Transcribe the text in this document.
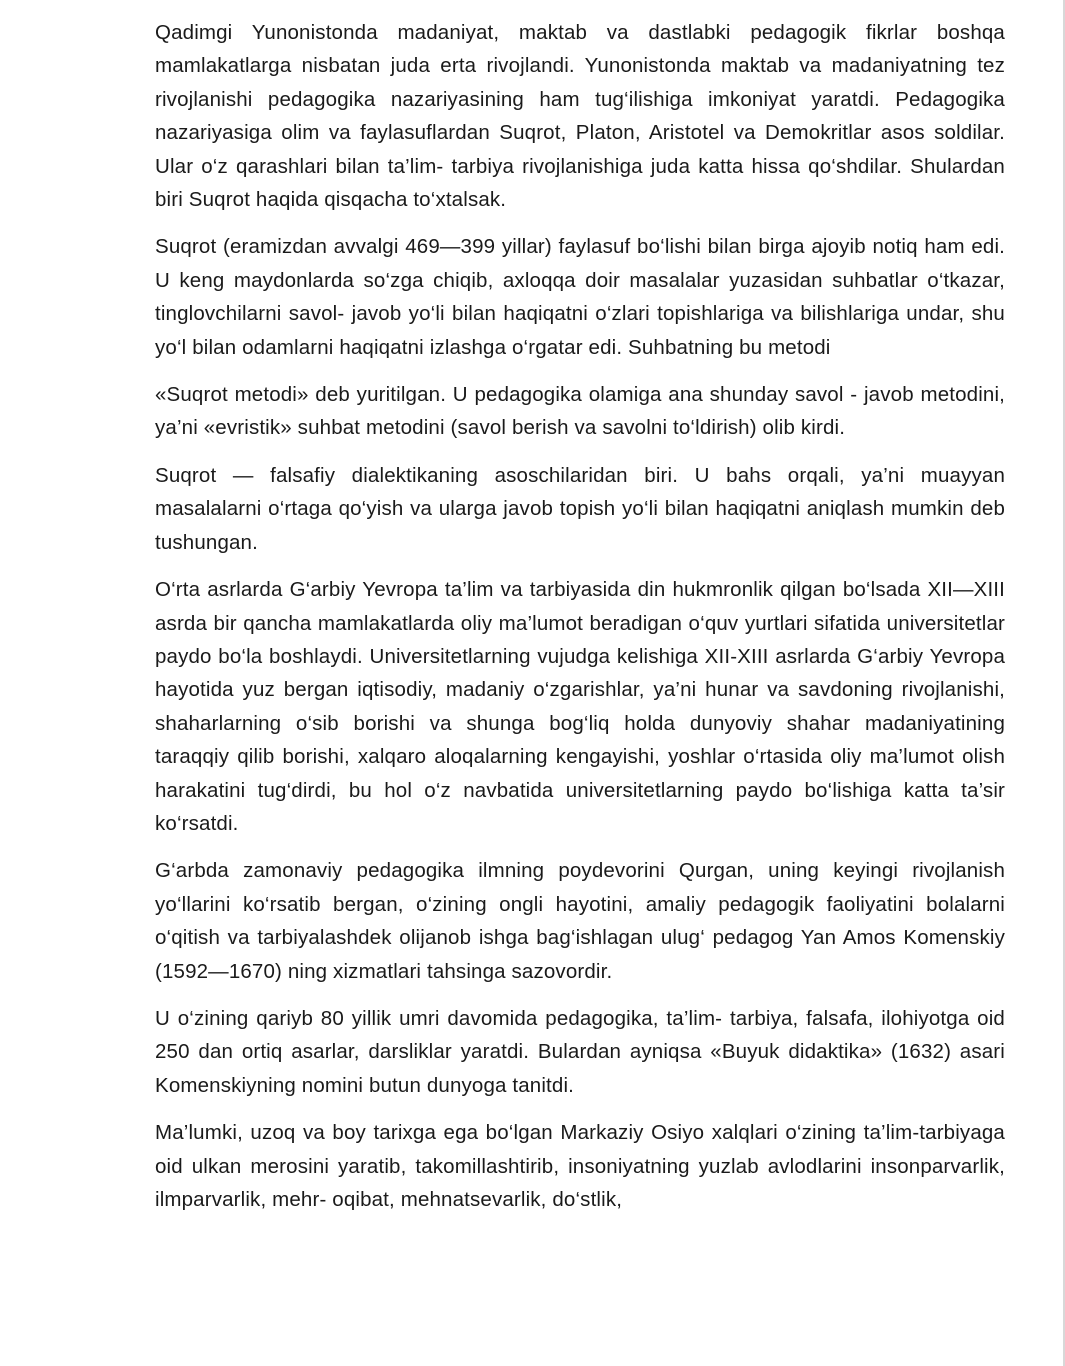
Qadimgi Yunonistonda madaniyat, maktab va dastlabki pedagogik fikrlar boshqa mamlakatlarga nisbatan juda erta rivojlandi. Yunonistonda maktab va madaniyatning tez rivojlanishi pedagogika nazariyasining ham tug‘ilishiga imkoniyat yaratdi. Pedagogika nazariyasiga olim va faylasuflardan Suqrot, Platon, Aristotel va Demokritlar asos soldilar. Ular o‘z qarashlari bilan ta’lim- tarbiya rivojlanishiga juda katta hissa qo‘shdilar. Shulardan biri Suqrot haqida qisqacha to‘xtalsak.

Suqrot (eramizdan avvalgi 469—399 yillar) faylasuf bo‘lishi bilan birga ajoyib notiq ham edi. U keng maydonlarda so‘zga chiqib, axloqqa doir masalalar yuzasidan suhbatlar o‘tkazar, tinglovchilarni savol- javob yo‘li bilan haqiqatni o‘zlari topishlariga va bilishlariga undar, shu yo‘l bilan odamlarni haqiqatni izlashga o‘rgatar edi. Suhbatning bu metodi

«Suqrot metodi» deb yuritilgan. U pedagogika olamiga ana shunday savol - javob metodini, ya’ni «evristik» suhbat metodini (savol berish va savolni to‘ldirish) olib kirdi.

Suqrot — falsafiy dialektikaning asoschilaridan biri. U bahs orqali, ya’ni muayyan masalalarni o‘rtaga qo‘yish va ularga javob topish yo‘li bilan haqiqatni aniqlash mumkin deb tushungan.

O‘rta asrlarda G‘arbiy Yevropa ta’lim va tarbiyasida din hukmronlik qilgan bo‘lsada XII—XIII asrda bir qancha mamlakatlarda oliy ma’lumot beradigan o‘quv yurtlari sifatida universitetlar paydo bo‘la boshlaydi. Universitetlarning vujudga kelishiga XII-XIII asrlarda G‘arbiy Yevropa hayotida yuz bergan iqtisodiy, madaniy o‘zgarishlar, ya’ni hunar va savdoning rivojlanishi, shaharlarning o‘sib borishi va shunga bog‘liq holda dunyoviy shahar madaniyatining taraqqiy qilib borishi, xalqaro aloqalarning kengayishi, yoshlar o‘rtasida oliy ma’lumot olish harakatini tug‘dirdi, bu hol o‘z navbatida universitetlarning paydo bo‘lishiga katta ta’sir ko‘rsatdi.

G‘arbda zamonaviy pedagogika ilmning poydevorini Qurgan, uning keyingi rivojlanish yo‘llarini ko‘rsatib bergan, o‘zining ongli hayotini, amaliy pedagogik faoliyatini bolalarni o‘qitish va tarbiyalashdek olijanob ishga bag‘ishlagan ulug‘ pedagog Yan Amos Komenskiy (1592—1670) ning xizmatlari tahsinga sazovordir.

U o‘zining qariyb 80 yillik umri davomida pedagogika, ta’lim- tarbiya, falsafa, ilohiyotga oid 250 dan ortiq asarlar, darsliklar yaratdi. Bulardan ayniqsa «Buyuk didaktika» (1632) asari Komenskiyning nomini butun dunyoga tanitdi.

Ma’lumki, uzoq va boy tarixga ega bo‘lgan Markaziy Osiyo xalqlari o‘zining ta’lim-tarbiyaga oid ulkan merosini yaratib, takomillashtirib, insoniyatning yuzlab avlodlarini insonparvarlik, ilmparvarlik, mehr- oqibat, mehnatsevarlik, do‘stlik,
